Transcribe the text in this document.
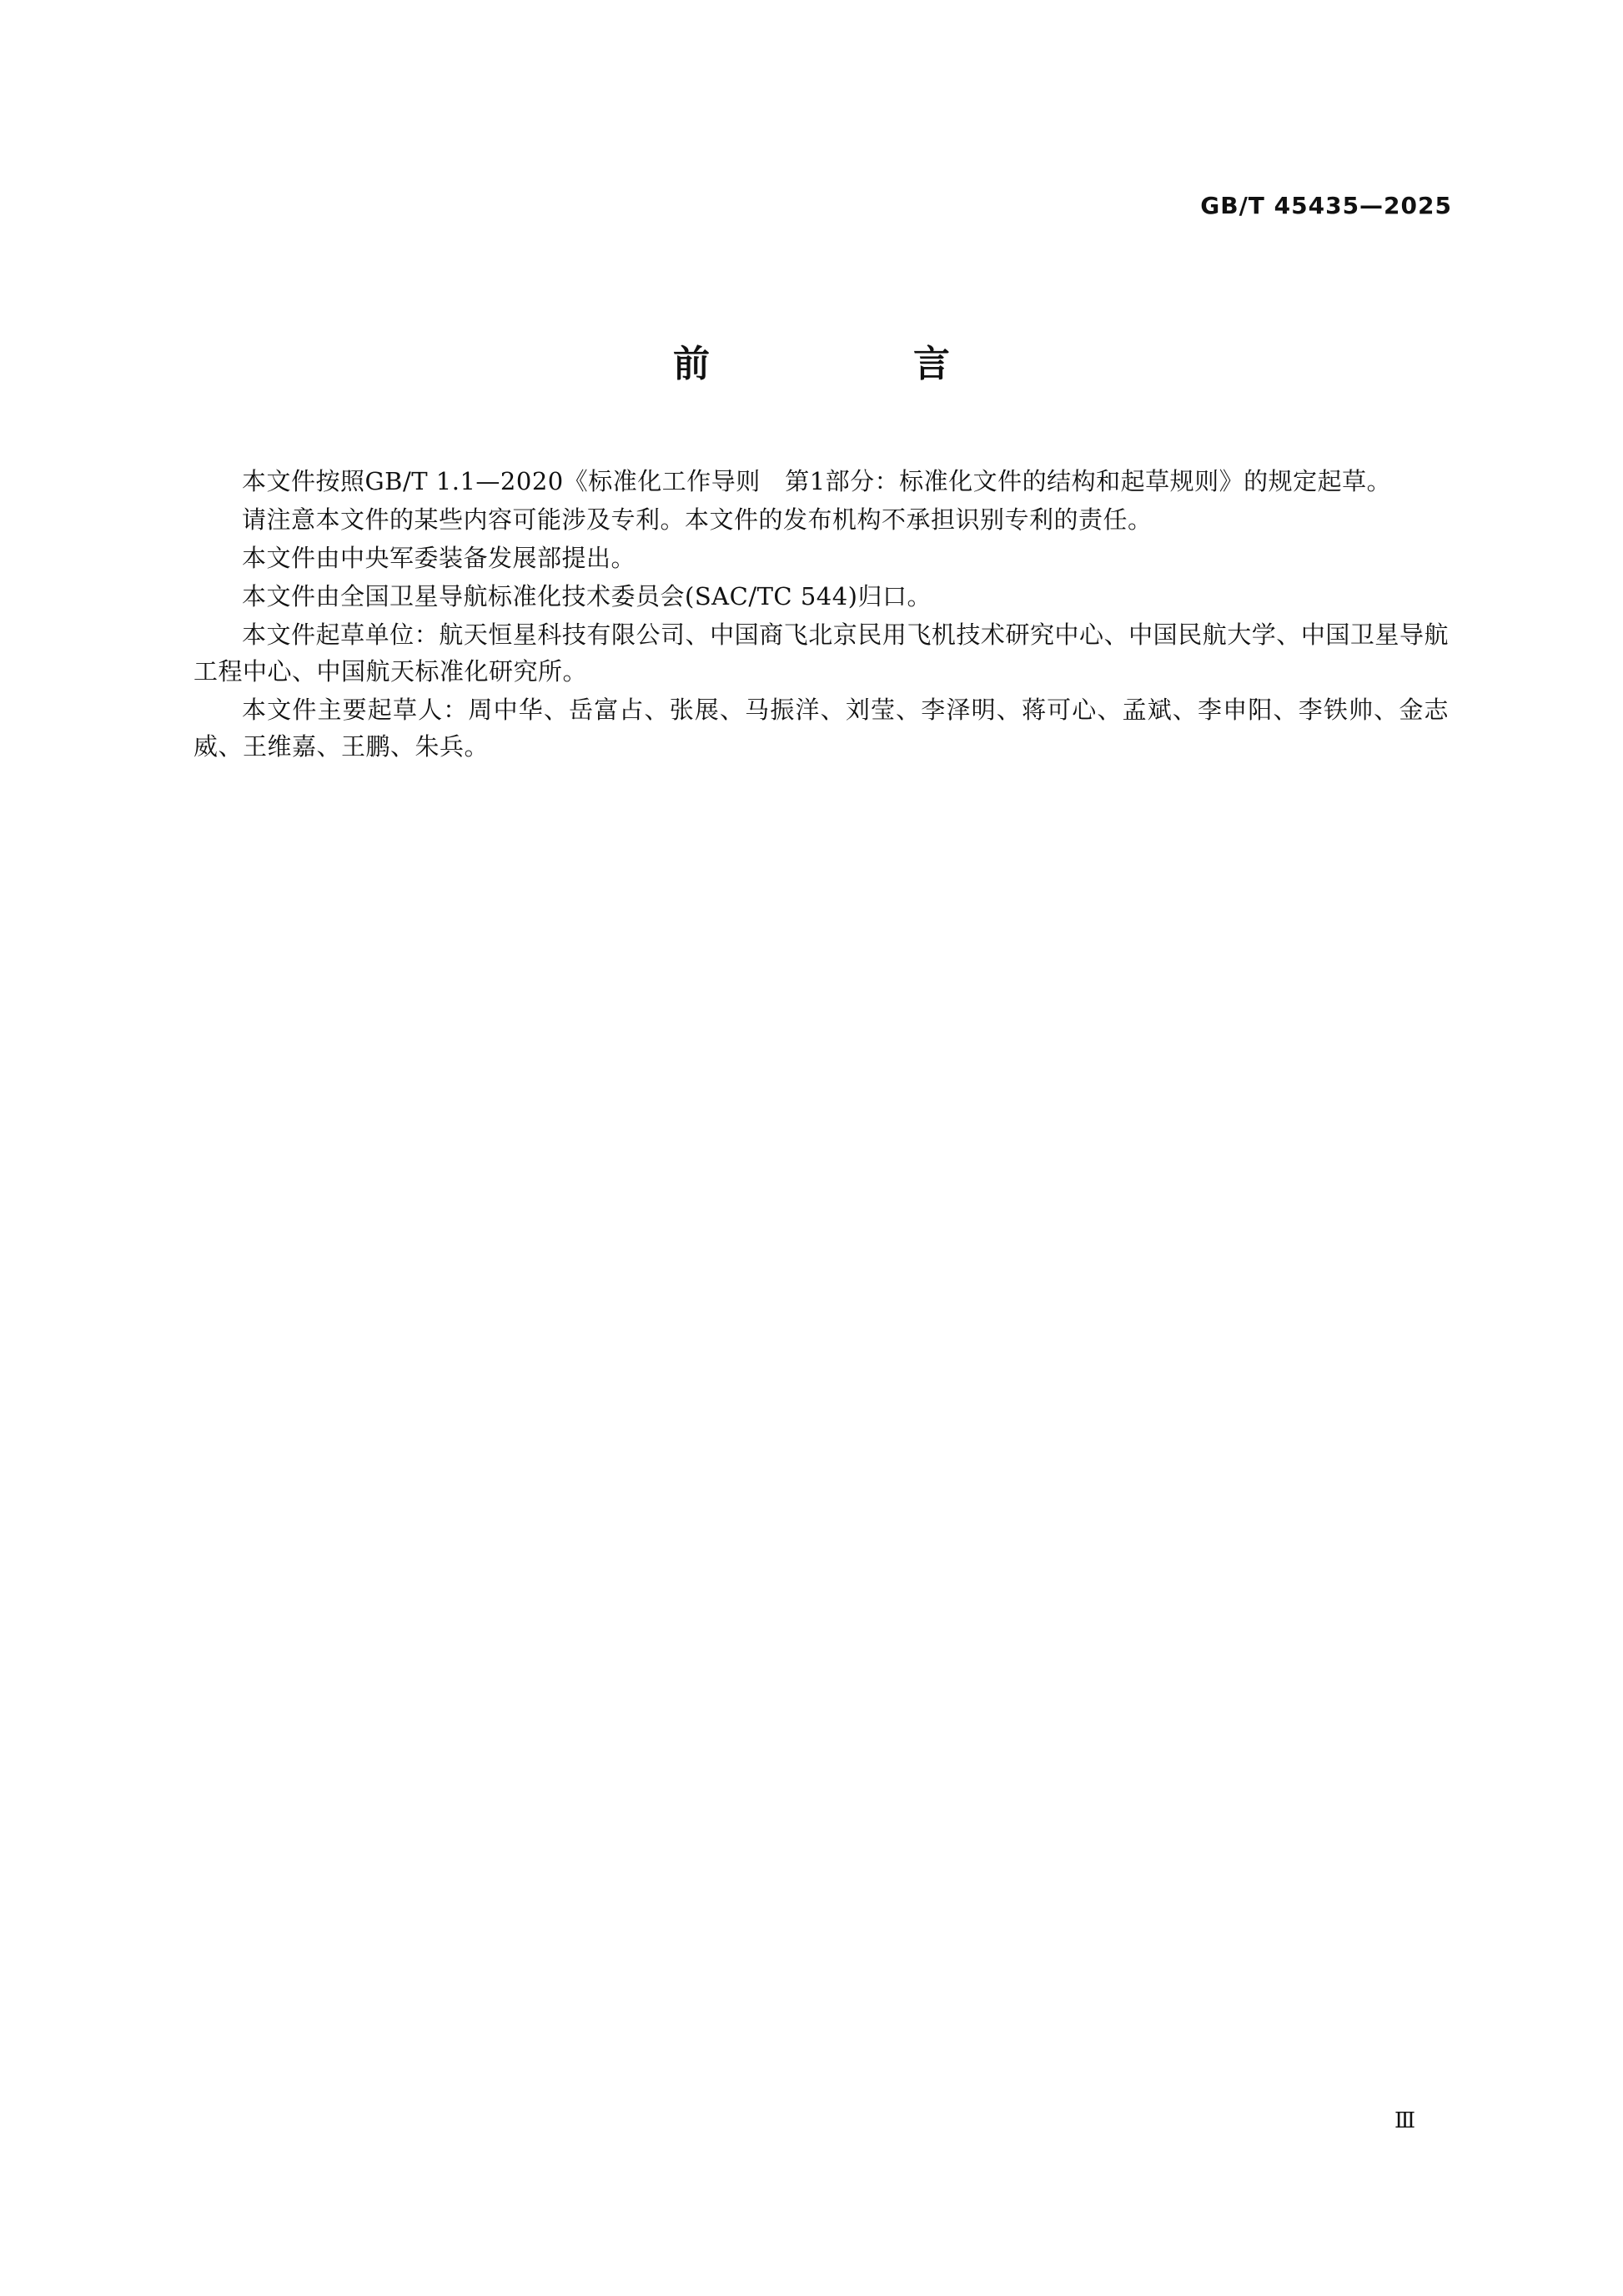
GB/T 45435—2025
前　言

本文件按照GB/T 1.1—2020《标准化工作导则　第1部分：标准化文件的结构和起草规则》的规定起草。

请注意本文件的某些内容可能涉及专利。本文件的发布机构不承担识别专利的责任。

本文件由中央军委装备发展部提出。

本文件由全国卫星导航标准化技术委员会(SAC/TC 544)归口。

本文件起草单位：航天恒星科技有限公司、中国商飞北京民用飞机技术研究中心、中国民航大学、中国卫星导航工程中心、中国航天标准化研究所。

本文件主要起草人：周中华、岳富占、张展、马振洋、刘莹、李泽明、蒋可心、孟斌、李申阳、李铁帅、金志威、王维嘉、王鹏、朱兵。

Ⅲ
